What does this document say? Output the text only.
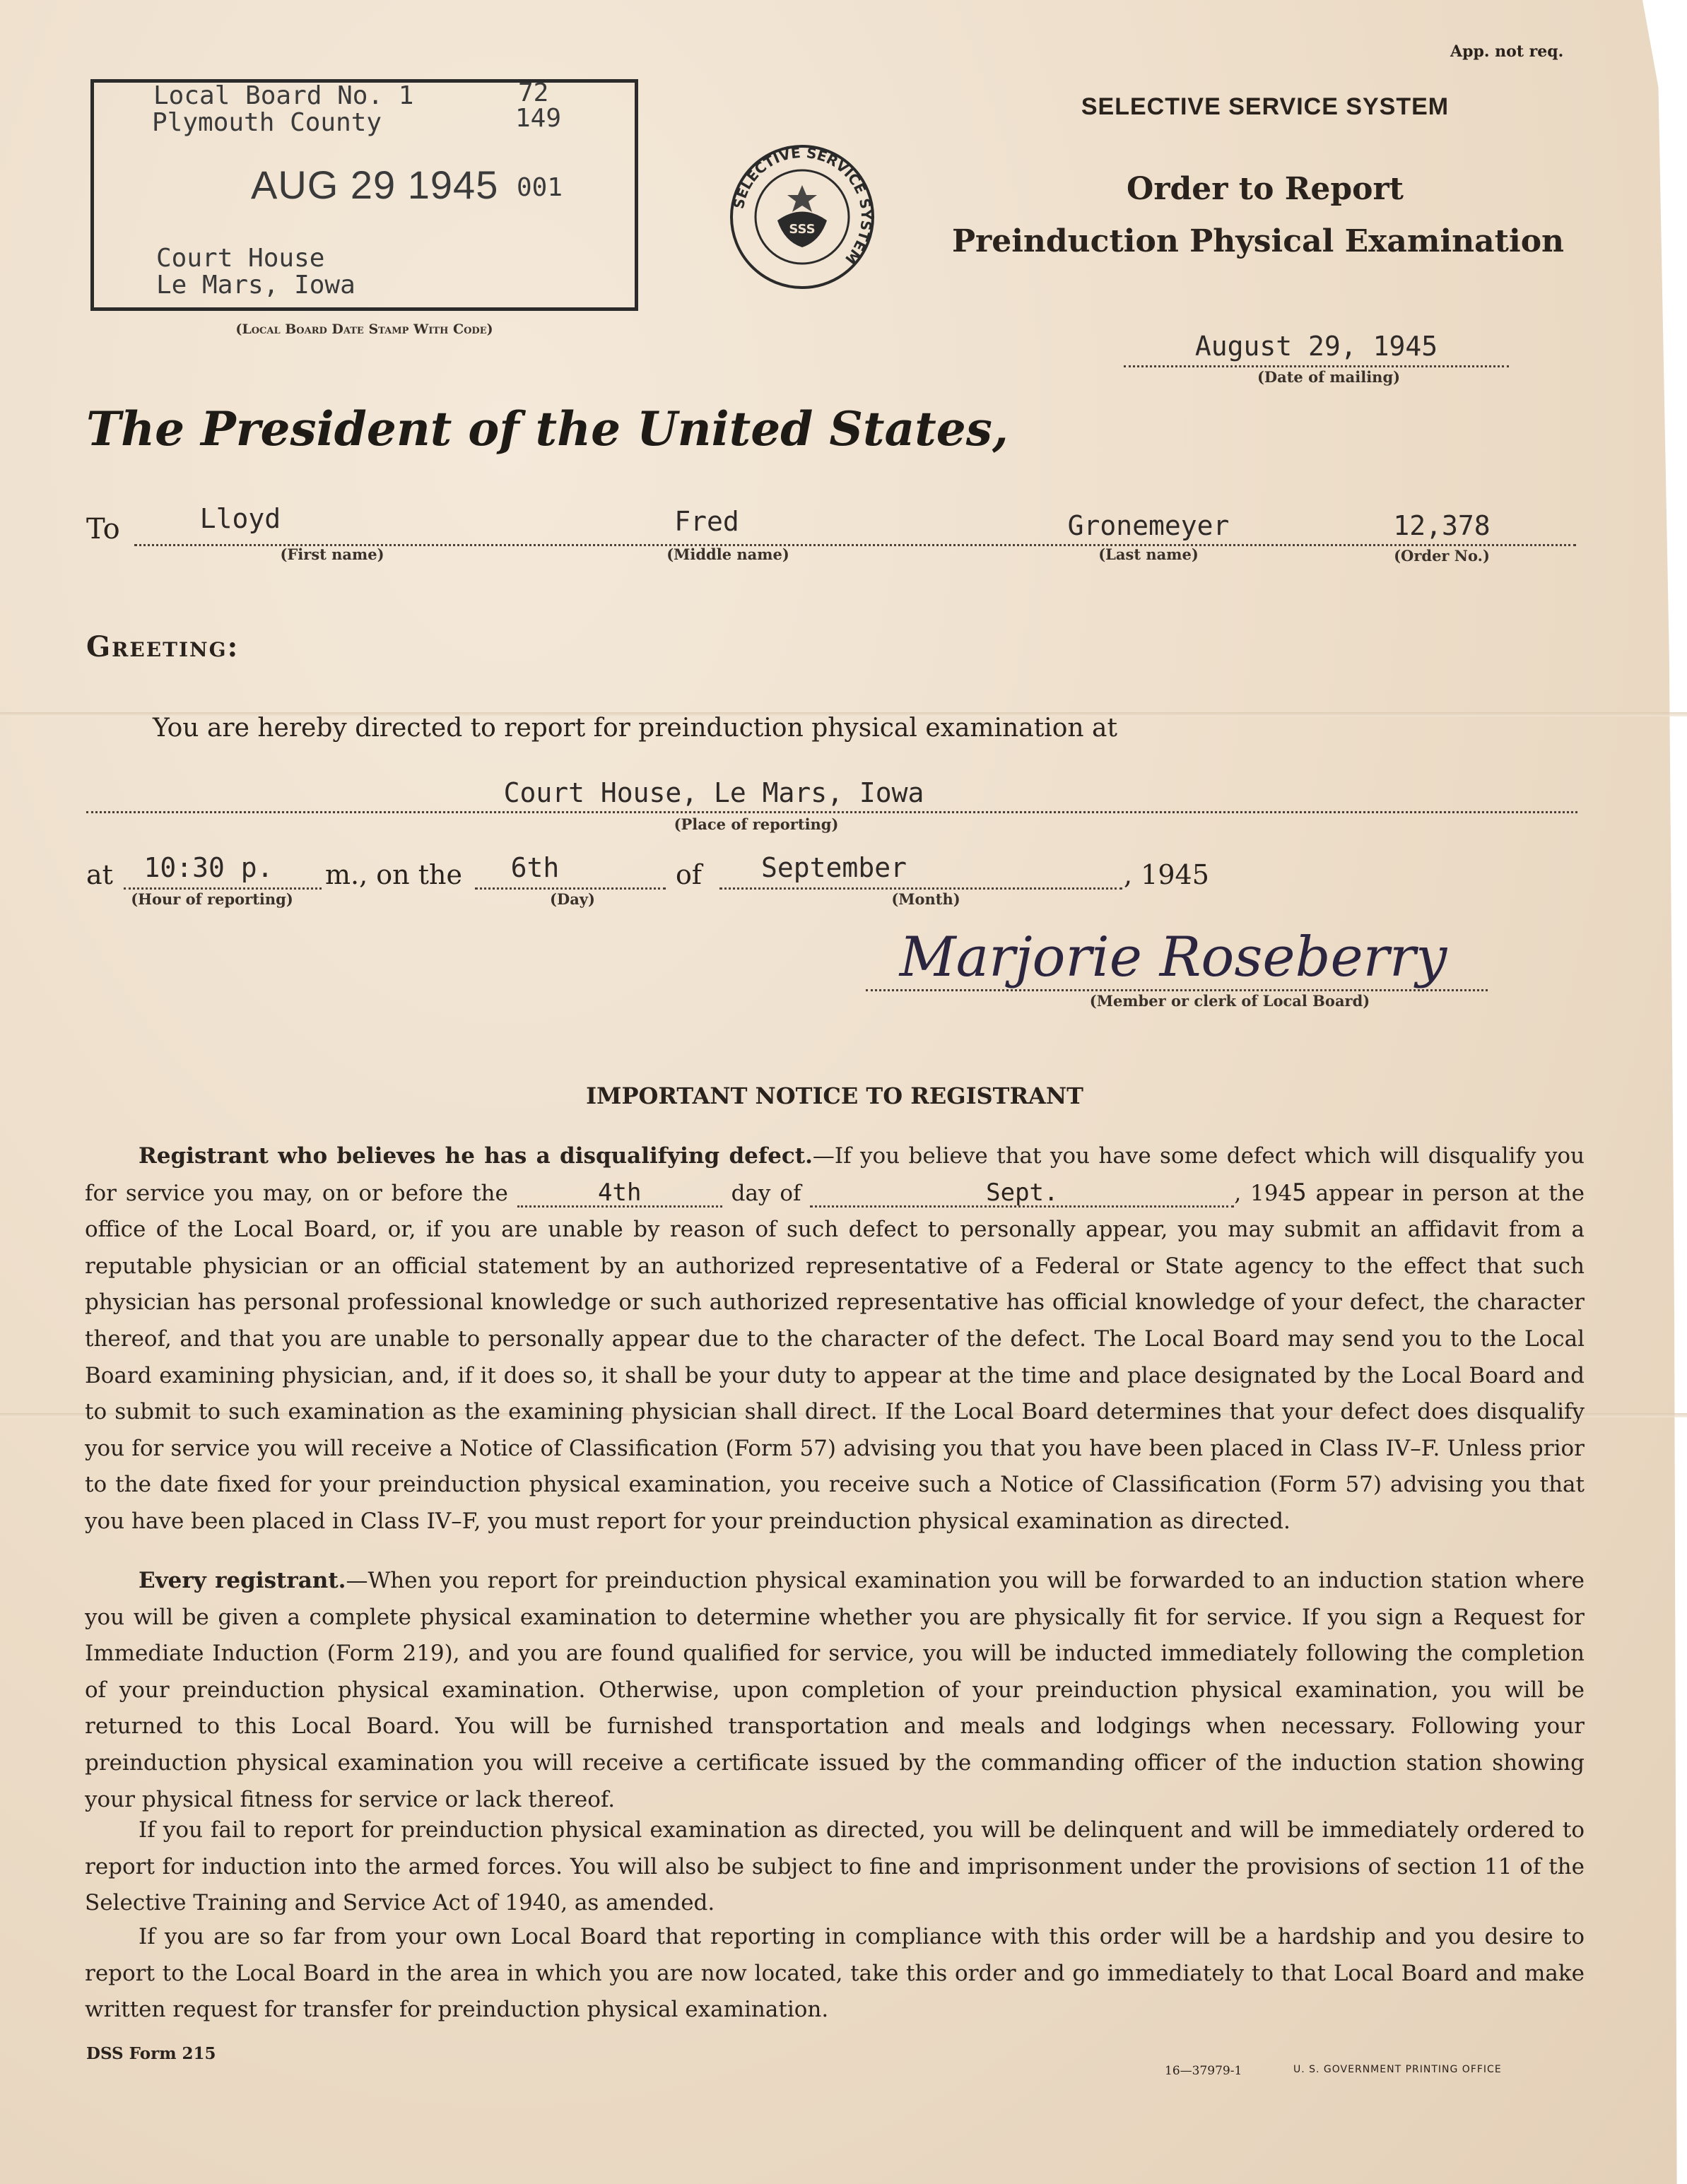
App. not req.
SELECTIVE SERVICE SYSTEM
Order to Report
Preinduction Physical Examination
SELECTIVE SERVICE SYSTEM
SSS
Local Board No. 1	72
Plymouth County	149
AUG 29 1945 001
Court House
Le Mars, Iowa
(Local Board Date Stamp With Code)
August 29, 1945
(Date of mailing)
The President of the United States,
To	Lloyd
(First name)
Fred
(Middle name)
Gronemeyer
(Last name)
12,378
(Order No.)
Greeting:
You are hereby directed to report for preinduction physical examination at
Court House, Le Mars, Iowa
(Place of reporting)
at	10:30 p.
(Hour of reporting)
m., on the	6th
(Day)
of	September
(Month)
, 1945
Marjorie Roseberry
(Member or clerk of Local Board)
IMPORTANT NOTICE TO REGISTRANT
Registrant who believes he has a disqualifying defect.—If you believe that you have some defect which will disqualify you for service you may, on or before the	4th	day of	Sept.	, 1945 appear in person at the office of the Local Board, or, if you are unable by reason of such defect to personally appear, you may submit an affidavit from a reputable physician or an official statement by an authorized representative of a Federal or State agency to the effect that such physician has personal professional knowledge or such authorized representative has official knowledge of your defect, the character thereof, and that you are unable to personally appear due to the character of the defect. The Local Board may send you to the Local Board examining physician, and, if it does so, it shall be your duty to appear at the time and place designated by the Local Board and to submit to such examination as the examining physician shall direct. If the Local Board determines that your defect does disqualify you for service you will receive a Notice of Classification (Form 57) advising you that you have been placed in Class IV–F. Unless prior to the date fixed for your preinduction physical examination, you receive such a Notice of Classification (Form 57) advising you that you have been placed in Class IV–F, you must report for your preinduction physical examination as directed.
Every registrant.—When you report for preinduction physical examination you will be forwarded to an induction station where you will be given a complete physical examination to determine whether you are physically fit for service. If you sign a Request for Immediate Induction (Form 219), and you are found qualified for service, you will be inducted immediately following the completion of your preinduction physical examination. Otherwise, upon completion of your preinduction physical examination, you will be returned to this Local Board. You will be furnished transportation and meals and lodgings when necessary. Following your preinduction physical examination you will receive a certificate issued by the commanding officer of the induction station showing your physical fitness for service or lack thereof.
If you fail to report for preinduction physical examination as directed, you will be delinquent and will be immediately ordered to report for induction into the armed forces. You will also be subject to fine and imprisonment under the provisions of section 11 of the Selective Training and Service Act of 1940, as amended.
If you are so far from your own Local Board that reporting in compliance with this order will be a hardship and you desire to report to the Local Board in the area in which you are now located, take this order and go immediately to that Local Board and make written request for transfer for preinduction physical examination.
DSS Form 215
16—37979-1	U. S. GOVERNMENT PRINTING OFFICE
